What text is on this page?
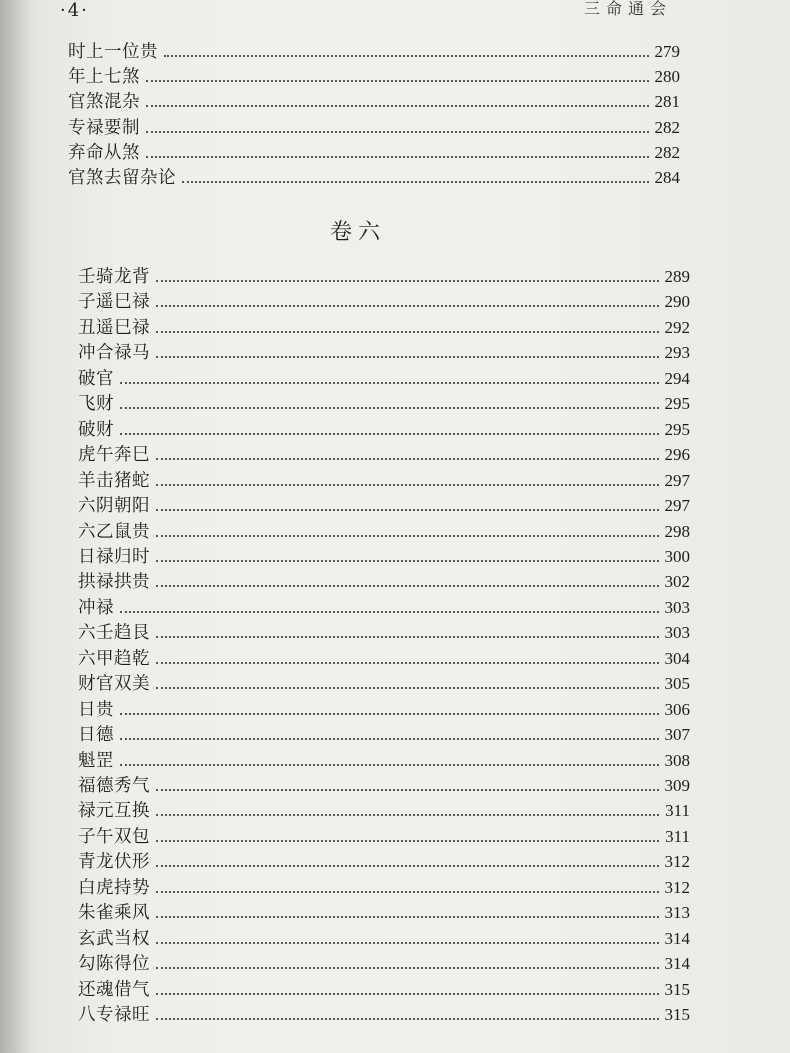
·4·	三命通会
卷六
时上一位贵	279
年上七煞	280
官煞混杂	281
专禄要制	282
弃命从煞	282
官煞去留杂论	284
壬骑龙背	289
子遥巳禄	290
丑遥巳禄	292
冲合禄马	293
破官	294
飞财	295
破财	295
虎午奔巳	296
羊击猪蛇	297
六阴朝阳	297
六乙鼠贵	298
日禄归时	300
拱禄拱贵	302
冲禄	303
六壬趋艮	303
六甲趋乾	304
财官双美	305
日贵	306
日德	307
魁罡	308
福德秀气	309
禄元互换	311
子午双包	311
青龙伏形	312
白虎持势	312
朱雀乘风	313
玄武当权	314
勾陈得位	314
还魂借气	315
八专禄旺	315
